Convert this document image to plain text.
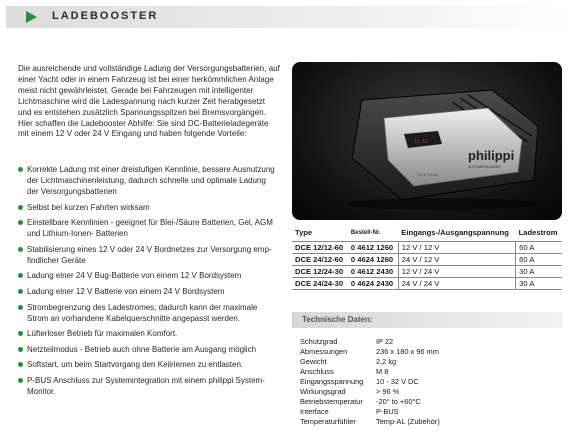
LADEBOOSTER

Die ausreichende und vollständige Ladung der Versorgungsbatterien, auf

einer Yacht oder in einem Fahrzeug ist bei einer herkömmlichen Anlage

meist nicht gewährleistet. Gerade bei Fahrzeugen mit intelligenter

Lichtmaschine wird die Ladespannung nach kurzer Zeit herabgesetzt

und es entstehen zusätzlich Spannungsspitzen bei Bremsvorgängen.

Hier schaffen die Ladebooster Abhilfe: Sie sind DC-Batterieladegeräte

mit einem 12 V oder 24 V Eingang und haben folgende Vorteile:

Korrekte Ladung mit einer dreistufigen Kennlinie, bessere Ausnutzung
der Lichtmaschinenleistung, dadurch schnelle und optimale Ladung
der Versorgungsbatterien
Selbst bei kurzen Fahrten wirksam
Einstellbare Kennlinien - geeignet für Blei-/Säure Batterien, Gel, AGM
und Lithium-Ionen- Batterien
Stabilisierung eines 12 V oder 24 V Bordnetzes zur Versorgung emp-
findlicher Geräte
Ladung einer 24 V Bug-Batterie von einem 12 V Bordsystem
Ladung einer 12 V Batterie von einem 24 V Bordsystem
Strombegrenzung des Ladestromes, dadurch kann der maximale
Strom an vorhandene Kabelquerschnitte angepasst werden.
Lüfterloser Betrieb für maximalen Komfort.
Netzteilmodus - Betrieb auch ohne Batterie am Ausgang möglich
Softstart, um beim Startvorgang den Keilriemen zu entlasten.
P-BUS Anschluss zur Systemintegration mit einem philippi System-
Monitor.
12 13
DCE 12-60
philippi
AUTOMATIKLADER
Type	Bestell-Nr.	Eingangs-/Ausgangspannung	Ladestrom
DCE 12/12-60	0 4612 1260	12 V / 12 V	60 A
DCE 24/12-60	0 4624 1260	24 V / 12 V	60 A
DCE 12/24-30	0 4612 2430	12 V / 24 V	30 A
DCE 24/24-30	0 4624 2430	24 V / 24 V	30 A
Technische Daten:
Schutzgrad	IP 22
Abmessungen	236 x 180 x 96 mm
Gewicht	2,2 kg
Anschluss	M 8
Eingangsspannung	10 - 32 V DC
Wirkungsgrad	> 96 %
Betriebstemperatur	-20° to +60°C
Interface	P-BUS
Temperaturfühler	Temp-AL (Zubehör)
